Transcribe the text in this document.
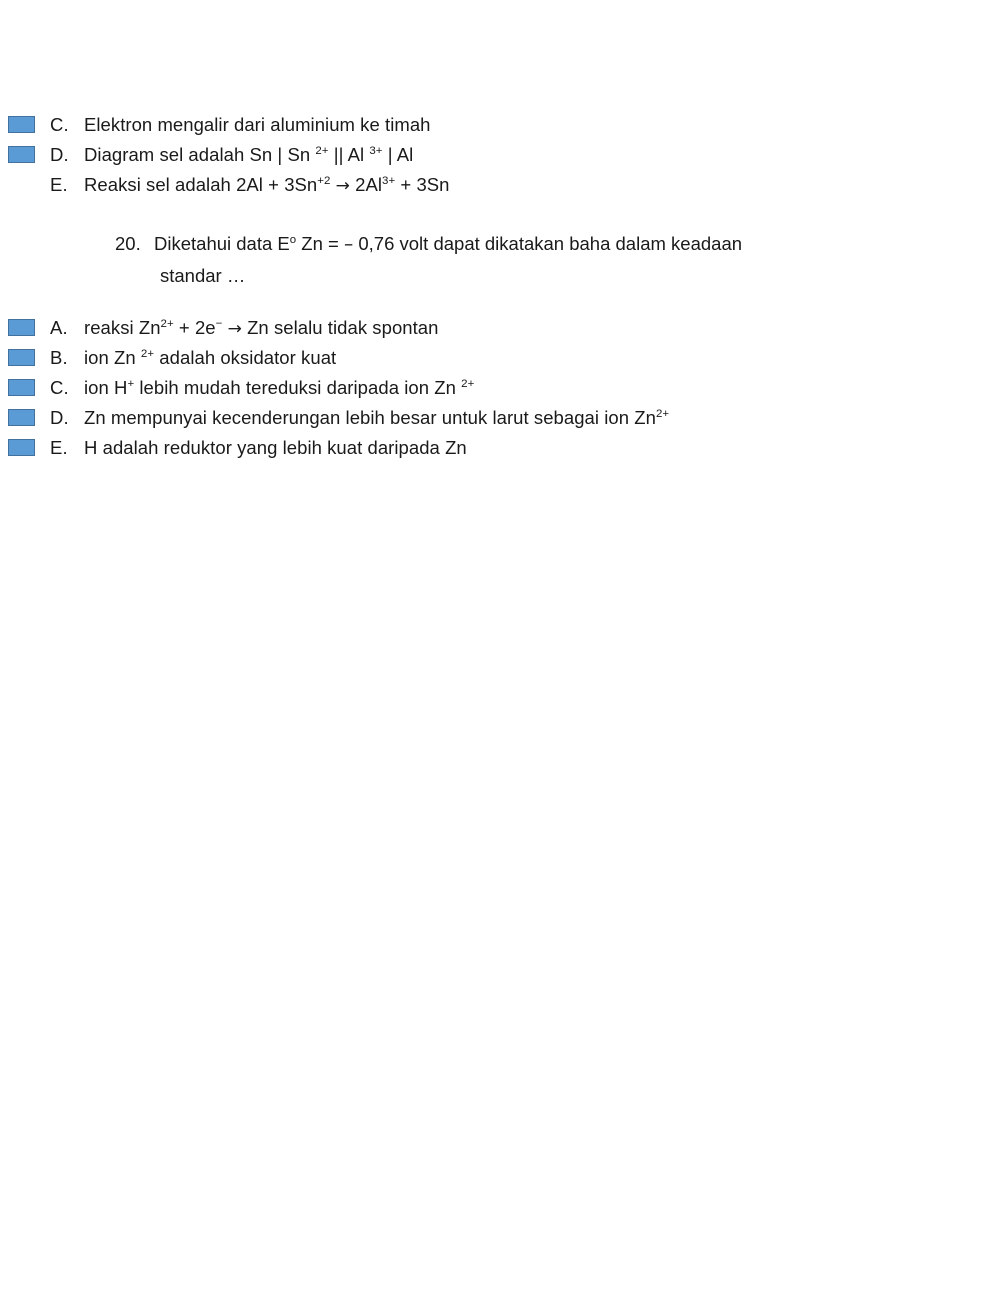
C. Elektron mengalir dari aluminium ke timah
D. Diagram sel adalah Sn | Sn $^{2+}$ || Al $^{3+}$ | Al
E. Reaksi sel adalah $2Al + 3Sn^{+2} \to 2Al^{3+} + 3Sn$
20. Diketahui data $E^o$ Zn = – 0,76 volt dapat dikatakan baha dalam keadaan
standar …
A. reaksi $Zn^{2+} + 2e^- \to Zn$ selalu tidak spontan
B. ion Zn $^{2+}$ adalah oksidator kuat
C. ion H+ lebih mudah tereduksi daripada ion Zn $^{2+}$
D. Zn mempunyai kecenderungan lebih besar untuk larut sebagai ion $Zn^{2+}$
E. H adalah reduktor yang lebih kuat daripada Zn
